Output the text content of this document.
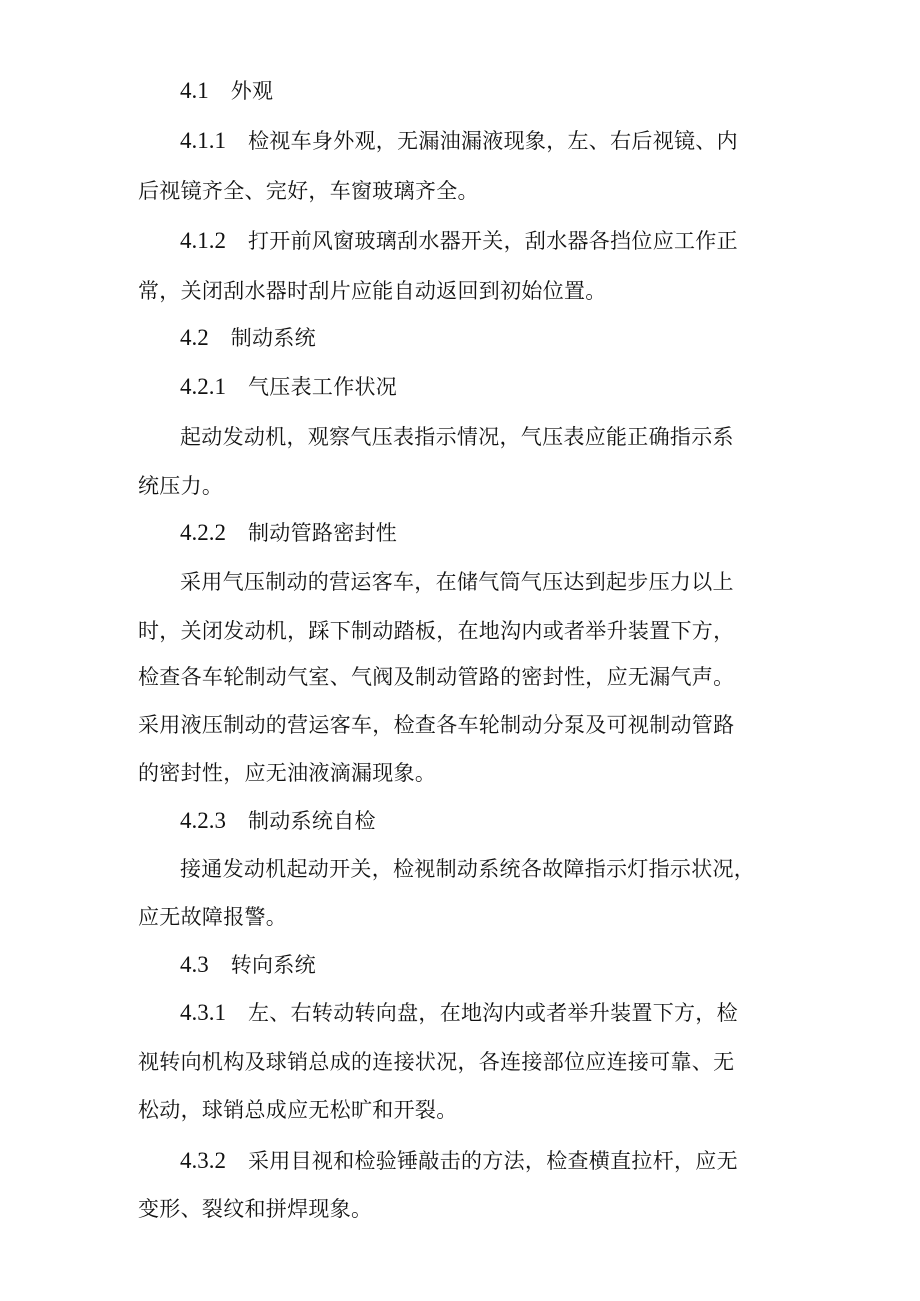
4.1 外观

4.1.1 检视车身外观，无漏油漏液现象，左、右后视镜、内

后视镜齐全、完好，车窗玻璃齐全。

4.1.2 打开前风窗玻璃刮水器开关，刮水器各挡位应工作正

常，关闭刮水器时刮片应能自动返回到初始位置。

4.2 制动系统

4.2.1 气压表工作状况

起动发动机，观察气压表指示情况，气压表应能正确指示系

统压力。

4.2.2 制动管路密封性

采用气压制动的营运客车，在储气筒气压达到起步压力以上

时，关闭发动机，踩下制动踏板，在地沟内或者举升装置下方，

检查各车轮制动气室、气阀及制动管路的密封性，应无漏气声。

采用液压制动的营运客车，检查各车轮制动分泵及可视制动管路

的密封性，应无油液滴漏现象。

4.2.3 制动系统自检

接通发动机起动开关，检视制动系统各故障指示灯指示状况，

应无故障报警。

4.3 转向系统

4.3.1 左、右转动转向盘，在地沟内或者举升装置下方，检

视转向机构及球销总成的连接状况，各连接部位应连接可靠、无

松动，球销总成应无松旷和开裂。

4.3.2 采用目视和检验锤敲击的方法，检查横直拉杆，应无

变形、裂纹和拼焊现象。
